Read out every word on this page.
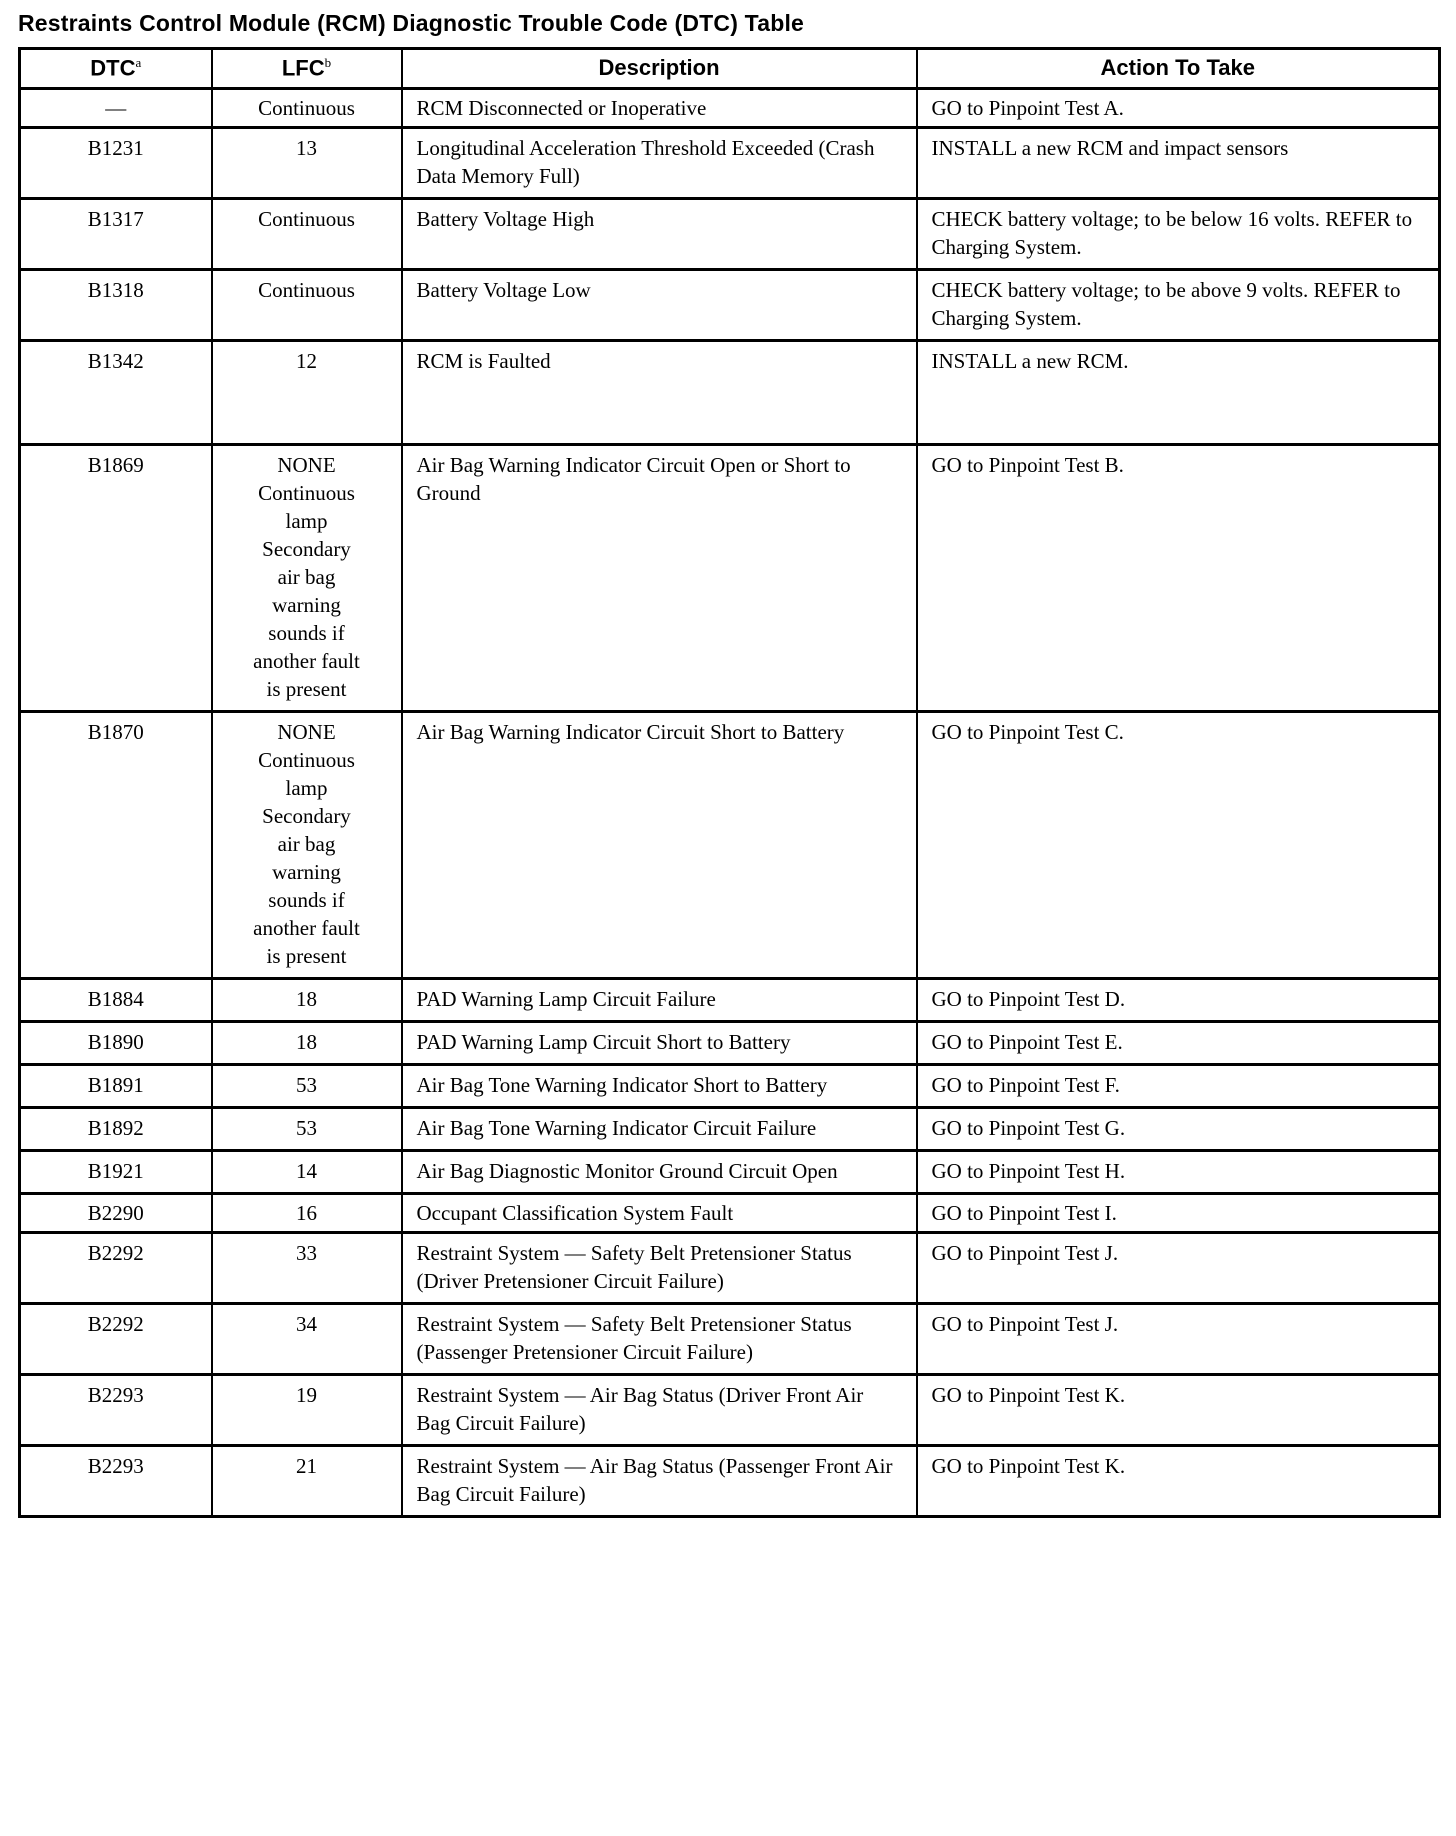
Restraints Control Module (RCM) Diagnostic Trouble Code (DTC) Table
DTC$^a$	LFC$^b$	Description	Action To Take
—	Continuous	RCM Disconnected or Inoperative	GO to Pinpoint Test A.
B1231	13	Longitudinal Acceleration Threshold Exceeded (Crash Data Memory Full)	INSTALL a new RCM and impact sensors
B1317	Continuous	Battery Voltage High	CHECK battery voltage; to be below 16 volts. REFER to Charging System.
B1318	Continuous	Battery Voltage Low	CHECK battery voltage; to be above 9 volts. REFER to Charging System.
B1342	12	RCM is Faulted	INSTALL a new RCM.
B1869	NONE
Continuous
lamp
Secondary
air bag
warning
sounds if
another fault
is present	Air Bag Warning Indicator Circuit Open or Short to Ground	GO to Pinpoint Test B.
B1870	NONE
Continuous
lamp
Secondary
air bag
warning
sounds if
another fault
is present	Air Bag Warning Indicator Circuit Short to Battery	GO to Pinpoint Test C.
B1884	18	PAD Warning Lamp Circuit Failure	GO to Pinpoint Test D.
B1890	18	PAD Warning Lamp Circuit Short to Battery	GO to Pinpoint Test E.
B1891	53	Air Bag Tone Warning Indicator Short to Battery	GO to Pinpoint Test F.
B1892	53	Air Bag Tone Warning Indicator Circuit Failure	GO to Pinpoint Test G.
B1921	14	Air Bag Diagnostic Monitor Ground Circuit Open	GO to Pinpoint Test H.
B2290	16	Occupant Classification System Fault	GO to Pinpoint Test I.
B2292	33	Restraint System — Safety Belt Pretensioner Status (Driver Pretensioner Circuit Failure)	GO to Pinpoint Test J.
B2292	34	Restraint System — Safety Belt Pretensioner Status (Passenger Pretensioner Circuit Failure)	GO to Pinpoint Test J.
B2293	19	Restraint System — Air Bag Status (Driver Front Air Bag Circuit Failure)	GO to Pinpoint Test K.
B2293	21	Restraint System — Air Bag Status (Passenger Front Air Bag Circuit Failure)	GO to Pinpoint Test K.
